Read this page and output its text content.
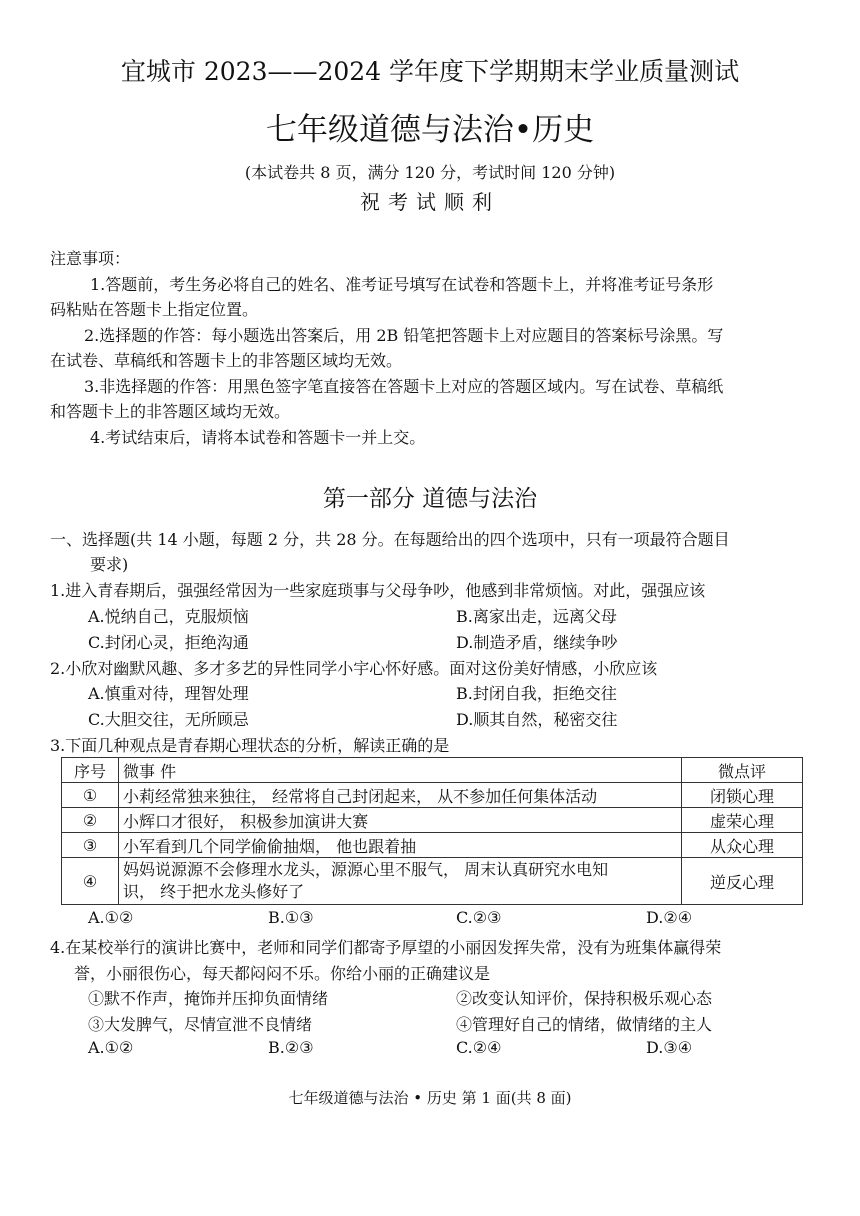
宜城市 2023——2024 学年度下学期期末学业质量测试
七年级道德与法治•历史
(本试卷共 8 页，满分 120 分，考试时间 120 分钟)
祝考试顺利
注意事项：
1.答题前，考生务必将自己的姓名、准考证号填写在试卷和答题卡上，并将准考证号条形
码粘贴在答题卡上指定位置。
2.选择题的作答：每小题选出答案后，用 2B 铅笔把答题卡上对应题目的答案标号涂黑。写
在试卷、草稿纸和答题卡上的非答题区域均无效。
3.非选择题的作答：用黑色签字笔直接答在答题卡上对应的答题区域内。写在试卷、草稿纸
和答题卡上的非答题区域均无效。
4.考试结束后，请将本试卷和答题卡一并上交。
第一部分 道德与法治
一、选择题(共 14 小题，每题 2 分，共 28 分。在每题给出的四个选项中，只有一项最符合题目
要求)
1.进入青春期后，强强经常因为一些家庭琐事与父母争吵，他感到非常烦恼。对此，强强应该
A.悦纳自己，克服烦恼	B.离家出走，远离父母
C.封闭心灵，拒绝沟通	D.制造矛盾，继续争吵
2.小欣对幽默风趣、多才多艺的异性同学小宇心怀好感。面对这份美好情感，小欣应该
A.慎重对待，理智处理	B.封闭自我，拒绝交往
C.大胆交往，无所顾忌	D.顺其自然，秘密交往
3.下面几种观点是青春期心理状态的分析，解读正确的是
序号	微事 件	微点评
①	小莉经常独来独往， 经常将自己封闭起来， 从不参加任何集体活动	闭锁心理
②	小辉口才很好， 积极参加演讲大赛	虚荣心理
③	小军看到几个同学偷偷抽烟， 他也跟着抽	从众心理
④	妈妈说源源不会修理水龙头，源源心里不服气， 周末认真研究水电知
识， 终于把水龙头修好了	逆反心理
A.①②	B.①③	C.②③	D.②④
4.在某校举行的演讲比赛中，老师和同学们都寄予厚望的小丽因发挥失常，没有为班集体赢得荣
誉，小丽很伤心，每天都闷闷不乐。你给小丽的正确建议是
①默不作声，掩饰并压抑负面情绪	②改变认知评价，保持积极乐观心态
③大发脾气，尽情宣泄不良情绪	④管理好自己的情绪，做情绪的主人
A.①②	B.②③	C.②④	D.③④
七年级道德与法治 • 历史 第 1 面(共 8 面)
